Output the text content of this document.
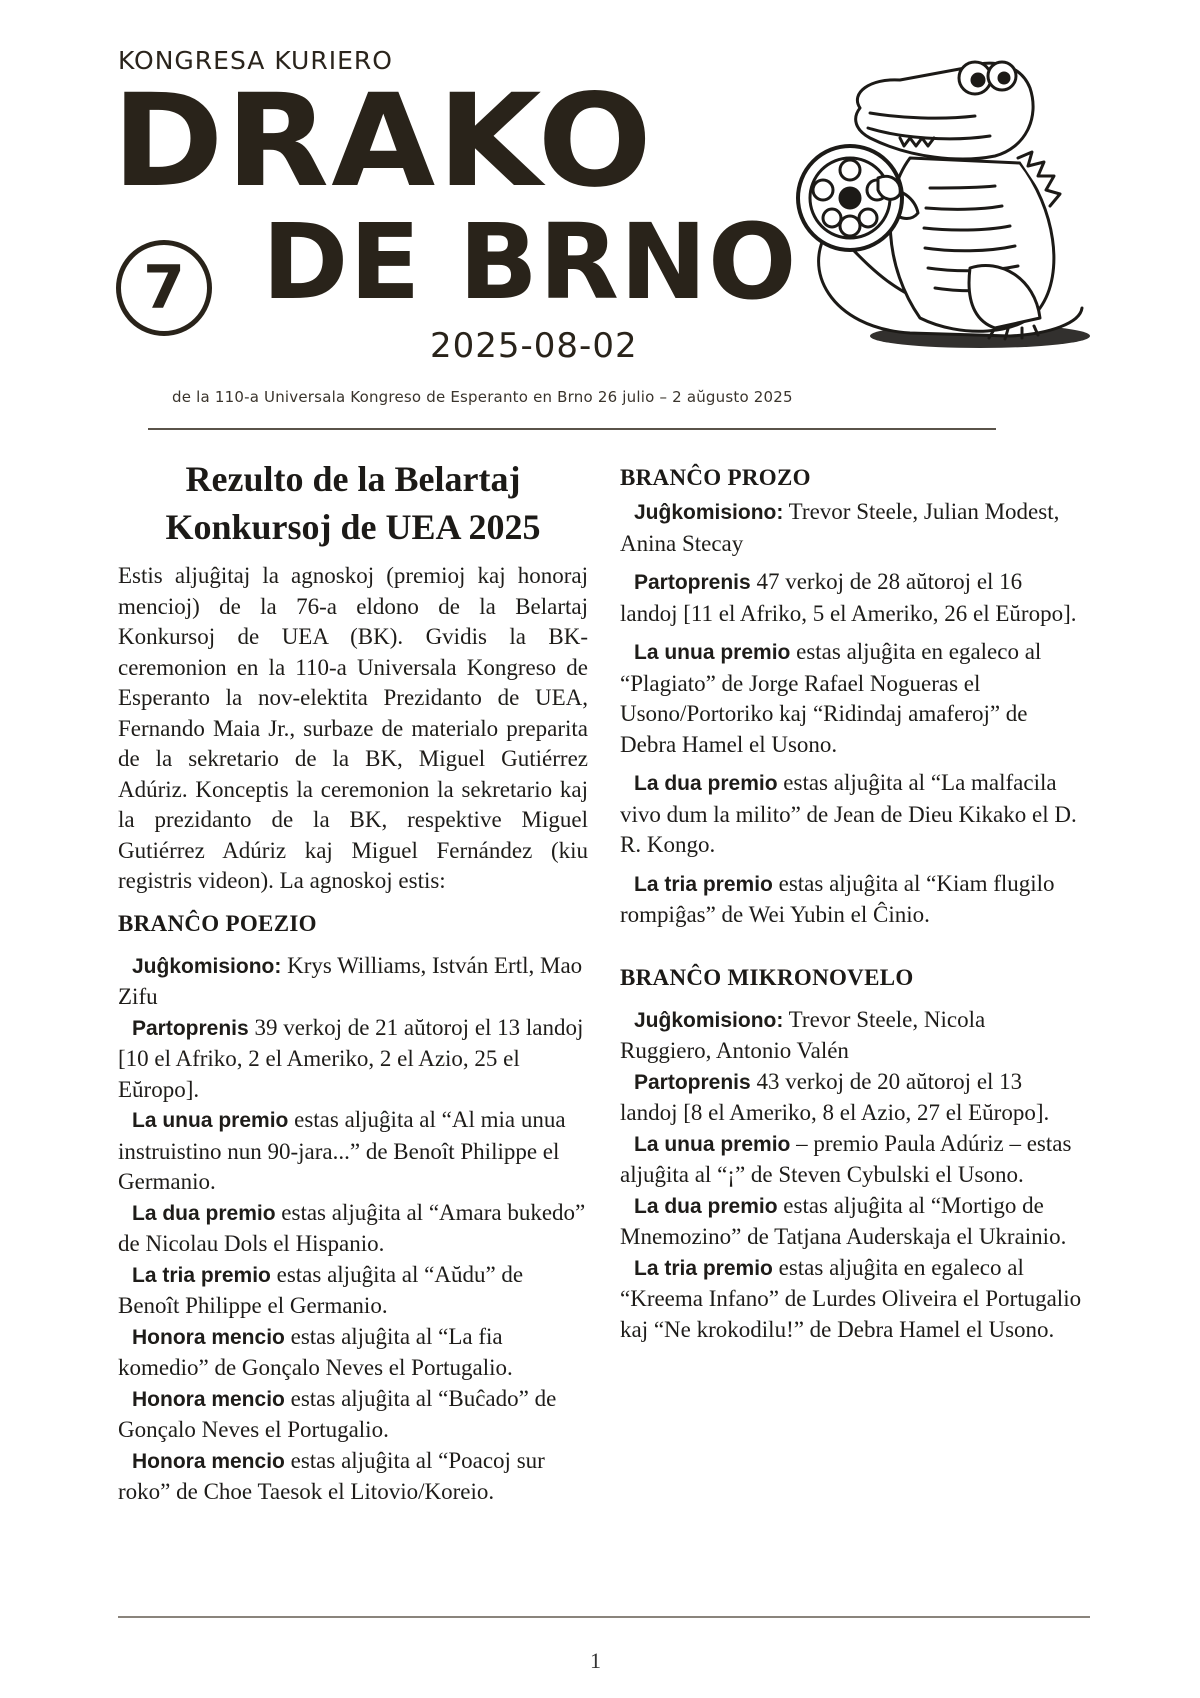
KONGRESA KURIERO
DRAKO
7 DE BRNO
2025-08-02
de la 110-a Universala Kongreso de Esperanto en Brno 26 julio – 2 aŭgusto 2025
Rezulto de la Belartaj Konkursoj de UEA 2025

Estis aljuĝitaj la agnoskoj (premioj kaj honoraj mencioj) de la 76-a eldono de la Belartaj Konkursoj de UEA (BK). Gvidis la BK-ceremonion en la 110-a Universala Kongreso de Esperanto la nov-elektita Prezidanto de UEA, Fernando Maia Jr., surbaze de materialo preparita de la sekretario de la BK, Miguel Gutiérrez Adúriz. Konceptis la ceremonion la sekretario kaj la prezidanto de la BK, respektive Miguel Gutiérrez Adúriz kaj Miguel Fernández (kiu registris videon). La agnoskoj estis:

BRANĈO POEZIO

Juĝkomisiono: Krys Williams, István Ertl, Mao Zifu

Partoprenis 39 verkoj de 21 aŭtoroj el 13 landoj [10 el Afriko, 2 el Ameriko, 2 el Azio, 25 el Eŭropo].

La unua premio estas aljuĝita al “Al mia unua instruistino nun 90-jara...” de Benoît Philippe el Germanio.

La dua premio estas aljuĝita al “Amara bukedo” de Nicolau Dols el Hispanio.

La tria premio estas aljuĝita al “Aŭdu” de Benoît Philippe el Germanio.

Honora mencio estas aljuĝita al “La fia komedio” de Gonçalo Neves el Portugalio.

Honora mencio estas aljuĝita al “Buĉado” de Gonçalo Neves el Portugalio.

Honora mencio estas aljuĝita al “Poacoj sur roko” de Choe Taesok el Litovio/Koreio.

BRANĈO PROZO

Juĝkomisiono: Trevor Steele, Julian Modest, Anina Stecay

Partoprenis 47 verkoj de 28 aŭtoroj el 16 landoj [11 el Afriko, 5 el Ameriko, 26 el Eŭropo].

La unua premio estas aljuĝita en egaleco al “Plagiato” de Jorge Rafael Nogueras el Usono/Portoriko kaj “Ridindaj amaferoj” de Debra Hamel el Usono.

La dua premio estas aljuĝita al “La malfacila vivo dum la milito” de Jean de Dieu Kikako el D. R. Kongo.

La tria premio estas aljuĝita al “Kiam flugilo rompiĝas” de Wei Yubin el Ĉinio.

BRANĈO MIKRONOVELO

Juĝkomisiono: Trevor Steele, Nicola Ruggiero, Antonio Valén

Partoprenis 43 verkoj de 20 aŭtoroj el 13 landoj [8 el Ameriko, 8 el Azio, 27 el Eŭropo].

La unua premio – premio Paula Adúriz – estas aljuĝita al “¡” de Steven Cybulski el Usono.

La dua premio estas aljuĝita al “Mortigo de Mnemozino” de Tatjana Auderskaja el Ukrainio.

La tria premio estas aljuĝita en egaleco al “Kreema Infano” de Lurdes Oliveira el Portugalio kaj “Ne krokodilu!” de Debra Hamel el Usono.

1
